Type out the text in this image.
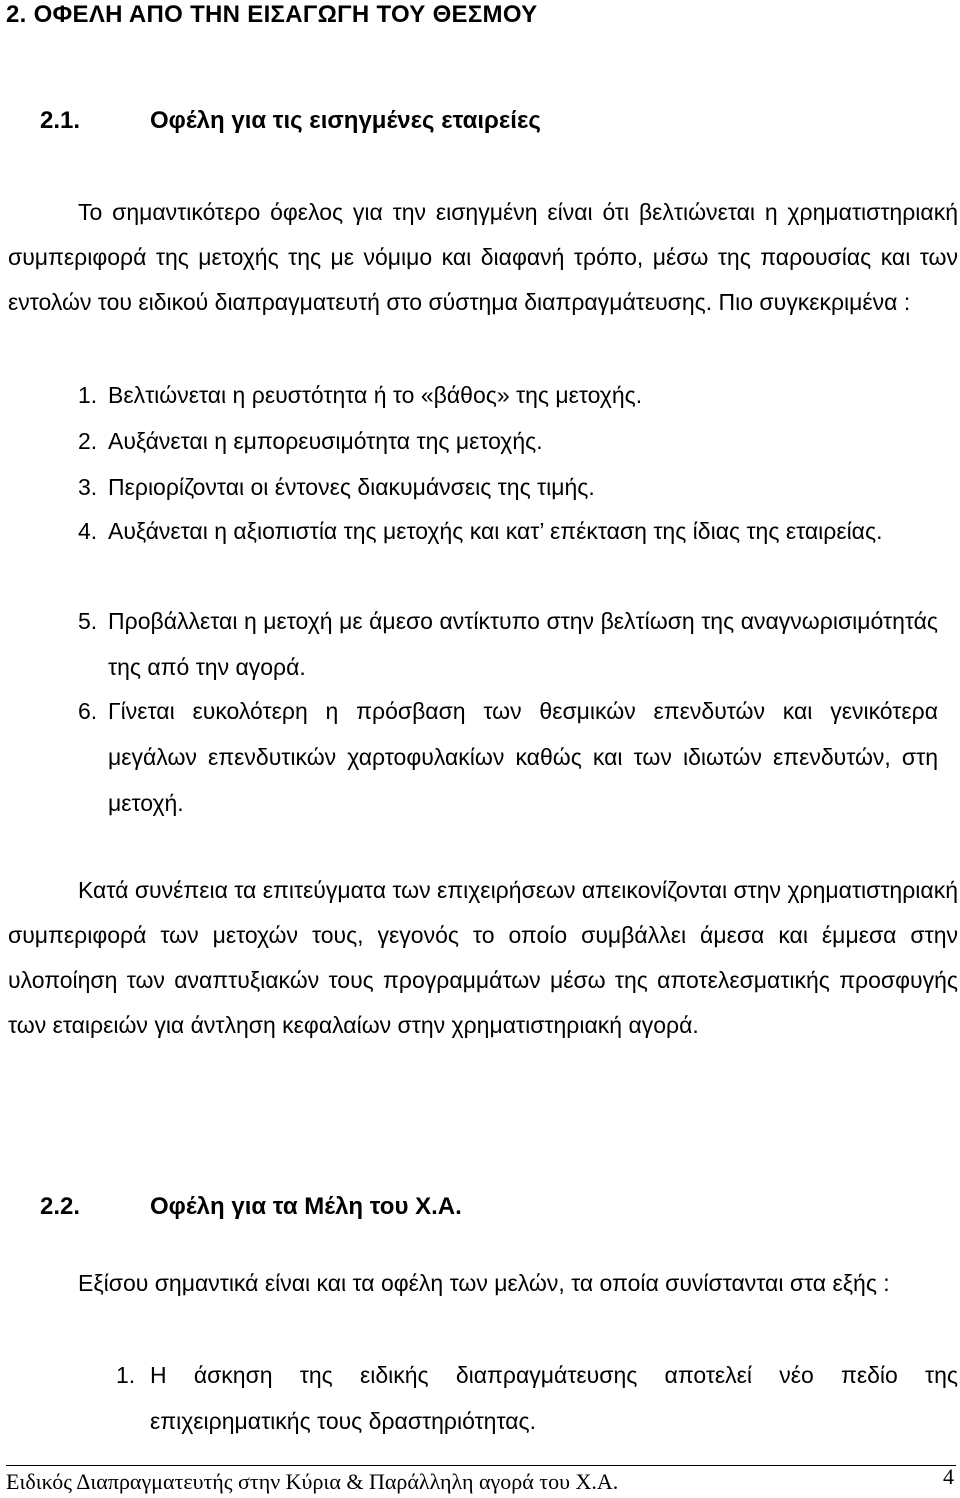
2. ΟΦΕΛΗ ΑΠΟ ΤΗΝ ΕΙΣΑΓΩΓΗ ΤΟΥ ΘΕΣΜΟΥ
2.1.	Οφέλη για τις εισηγμένες εταιρείες
Το σημαντικότερο όφελος για την εισηγμένη είναι ότι βελτιώνεται η χρηματιστηριακή συμπεριφορά της μετοχής της με νόμιμο και διαφανή τρόπο, μέσω της παρουσίας και των εντολών του ειδικού διαπραγματευτή στο σύστημα διαπραγμάτευσης. Πιο συγκεκριμένα :
1. Βελτιώνεται η ρευστότητα ή το «βάθος» της μετοχής.
2. Αυξάνεται η εμπορευσιμότητα της μετοχής.
3. Περιορίζονται οι έντονες διακυμάνσεις της τιμής.
4. Αυξάνεται η αξιοπιστία της μετοχής και κατ’ επέκταση της ίδιας της εταιρείας.
5. Προβάλλεται η μετοχή με άμεσο αντίκτυπο στην βελτίωση της αναγνωρισιμότητάς της από την αγορά.
6. Γίνεται ευκολότερη η πρόσβαση των θεσμικών επενδυτών και γενικότερα μεγάλων επενδυτικών χαρτοφυλακίων καθώς και των ιδιωτών επενδυτών, στη μετοχή.
Κατά συνέπεια τα επιτεύγματα των επιχειρήσεων απεικονίζονται στην χρηματιστηριακή συμπεριφορά των μετοχών τους, γεγονός το οποίο συμβάλλει άμεσα και έμμεσα στην υλοποίηση των αναπτυξιακών τους προγραμμάτων μέσω της αποτελεσματικής προσφυγής των εταιρειών για άντληση κεφαλαίων στην χρηματιστηριακή αγορά.
2.2.	Οφέλη για τα Μέλη του Χ.Α.
Εξίσου σημαντικά είναι και τα οφέλη των μελών, τα οποία συνίστανται στα εξής :
1. Η άσκηση της ειδικής διαπραγμάτευσης αποτελεί νέο πεδίο της επιχειρηματικής τους δραστηριότητας.
Ειδικός Διαπραγματευτής στην Κύρια & Παράλληλη αγορά του Χ.Α.	4
